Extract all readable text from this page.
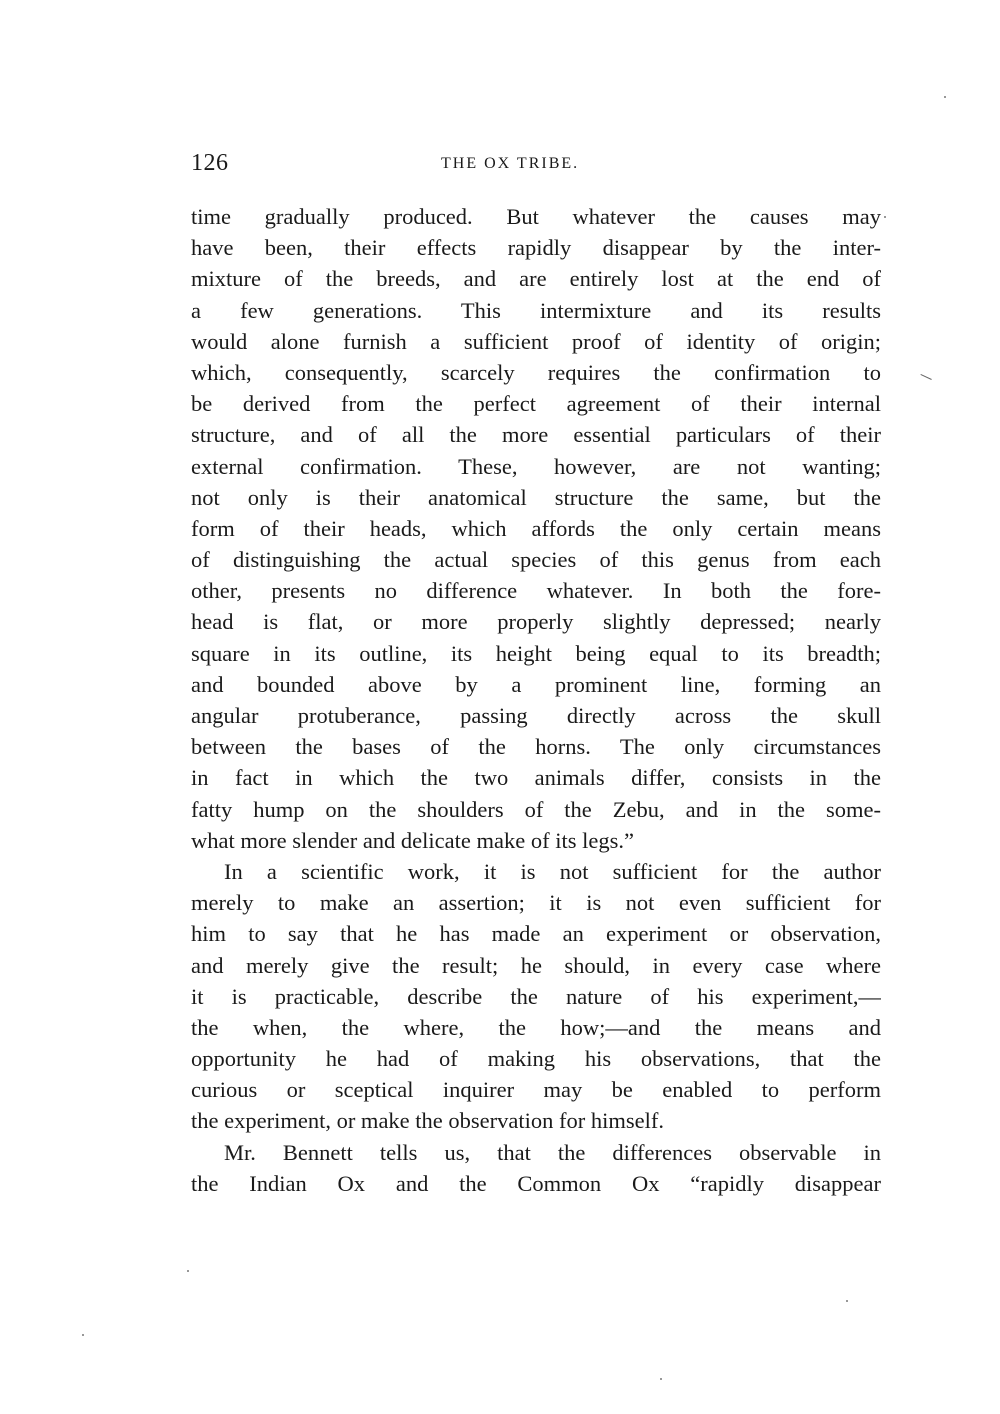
126	THE OX TRIBE.
time gradually produced. But whatever the causes may
have been, their effects rapidly disappear by the inter-
mixture of the breeds, and are entirely lost at the end of
a few generations. This intermixture and its results
would alone furnish a sufficient proof of identity of origin;
which, consequently, scarcely requires the confirmation to
be derived from the perfect agreement of their internal
structure, and of all the more essential particulars of their
external confirmation. These, however, are not wanting;
not only is their anatomical structure the same, but the
form of their heads, which affords the only certain means
of distinguishing the actual species of this genus from each
other, presents no difference whatever. In both the fore-
head is flat, or more properly slightly depressed; nearly
square in its outline, its height being equal to its breadth;
and bounded above by a prominent line, forming an
angular protuberance, passing directly across the skull
between the bases of the horns. The only circumstances
in fact in which the two animals differ, consists in the
fatty hump on the shoulders of the Zebu, and in the some-
what more slender and delicate make of its legs.”
In a scientific work, it is not sufficient for the author
merely to make an assertion; it is not even sufficient for
him to say that he has made an experiment or observation,
and merely give the result; he should, in every case where
it is practicable, describe the nature of his experiment,—
the when, the where, the how;—and the means and
opportunity he had of making his observations, that the
curious or sceptical inquirer may be enabled to perform
the experiment, or make the observation for himself.
Mr. Bennett tells us, that the differences observable in
the Indian Ox and the Common Ox “rapidly disappear
